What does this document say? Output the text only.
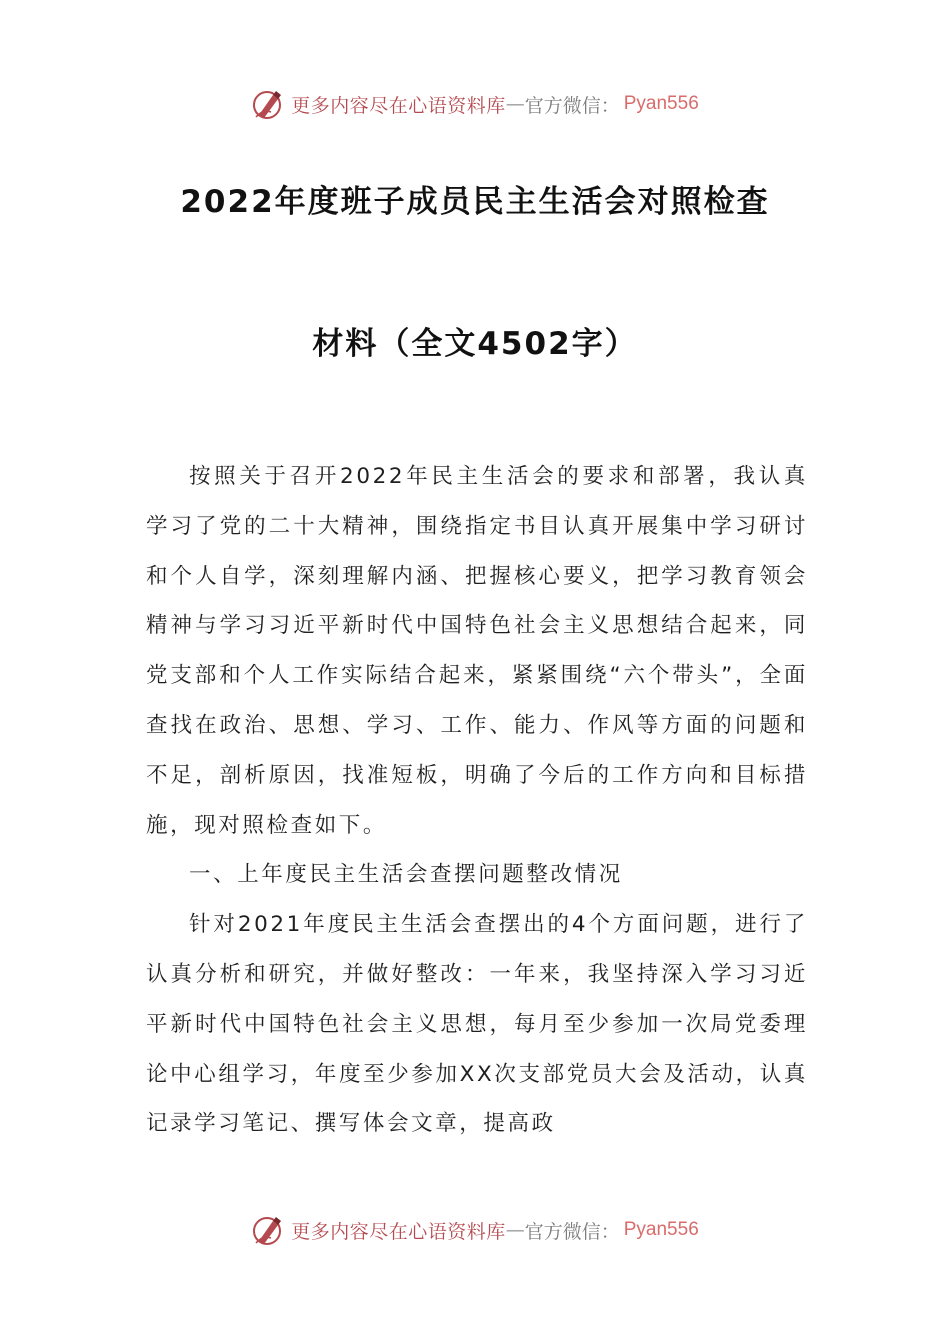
更多内容尽在心语资料库 — 官方微信： Pyan556
2022年度班子成员民主生活会对照检查
材料（全文4502字）

按照关于召开2022年民主生活会的要求和部署，我认真学习了党的二十大精神，围绕指定书目认真开展集中学习研讨和个人自学，深刻理解内涵、把握核心要义，把学习教育领会精神与学习习近平新时代中国特色社会主义思想结合起来，同党支部和个人工作实际结合起来，紧紧围绕“六个带头”，全面查找在政治、思想、学习、工作、能力、作风等方面的问题和不足，剖析原因，找准短板，明确了今后的工作方向和目标措施，现对照检查如下。

一、上年度民主生活会查摆问题整改情况

针对2021年度民主生活会查摆出的4个方面问题，进行了认真分析和研究，并做好整改：一年来，我坚持深入学习习近平新时代中国特色社会主义思想，每月至少参加一次局党委理论中心组学习，年度至少参加XX次支部党员大会及活动，认真记录学习笔记、撰写体会文章，提高政

更多内容尽在心语资料库 — 官方微信： Pyan556
